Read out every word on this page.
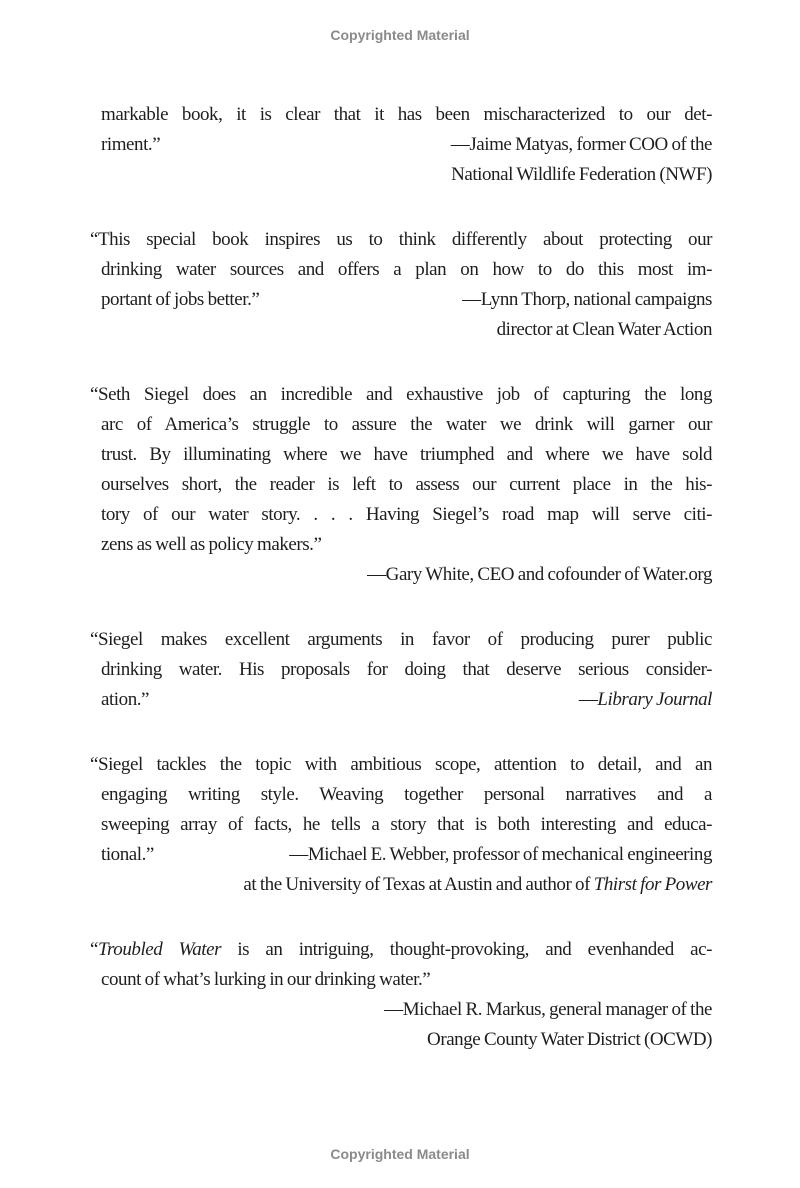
Copyrighted Material
markable book, it is clear that it has been mischaracterized to our det-
riment.”	—Jaime Matyas, former COO of the
National Wildlife Federation (NWF)
“This special book inspires us to think differently about protecting our
drinking water sources and offers a plan on how to do this most im-
portant of jobs better.”	—Lynn Thorp, national campaigns
director at Clean Water Action
“Seth Siegel does an incredible and exhaustive job of capturing the long
arc of America’s struggle to assure the water we drink will garner our
trust. By illuminating where we have triumphed and where we have sold
ourselves short, the reader is left to assess our current place in the his-
tory of our water story. . . . Having Siegel’s road map will serve citi-
zens as well as policy makers.”
—Gary White, CEO and cofounder of Water.org
“Siegel makes excellent arguments in favor of producing purer public
drinking water. His proposals for doing that deserve serious consider-
ation.”	—Library Journal
“Siegel tackles the topic with ambitious scope, attention to detail, and an
engaging writing style. Weaving together personal narratives and a
sweeping array of facts, he tells a story that is both interesting and educa-
tional.”	—Michael E. Webber, professor of mechanical engineering
at the University of Texas at Austin and author of Thirst for Power
“Troubled Water is an intriguing, thought-provoking, and evenhanded ac-
count of what’s lurking in our drinking water.”
—Michael R. Markus, general manager of the
Orange County Water District (OCWD)
Copyrighted Material
